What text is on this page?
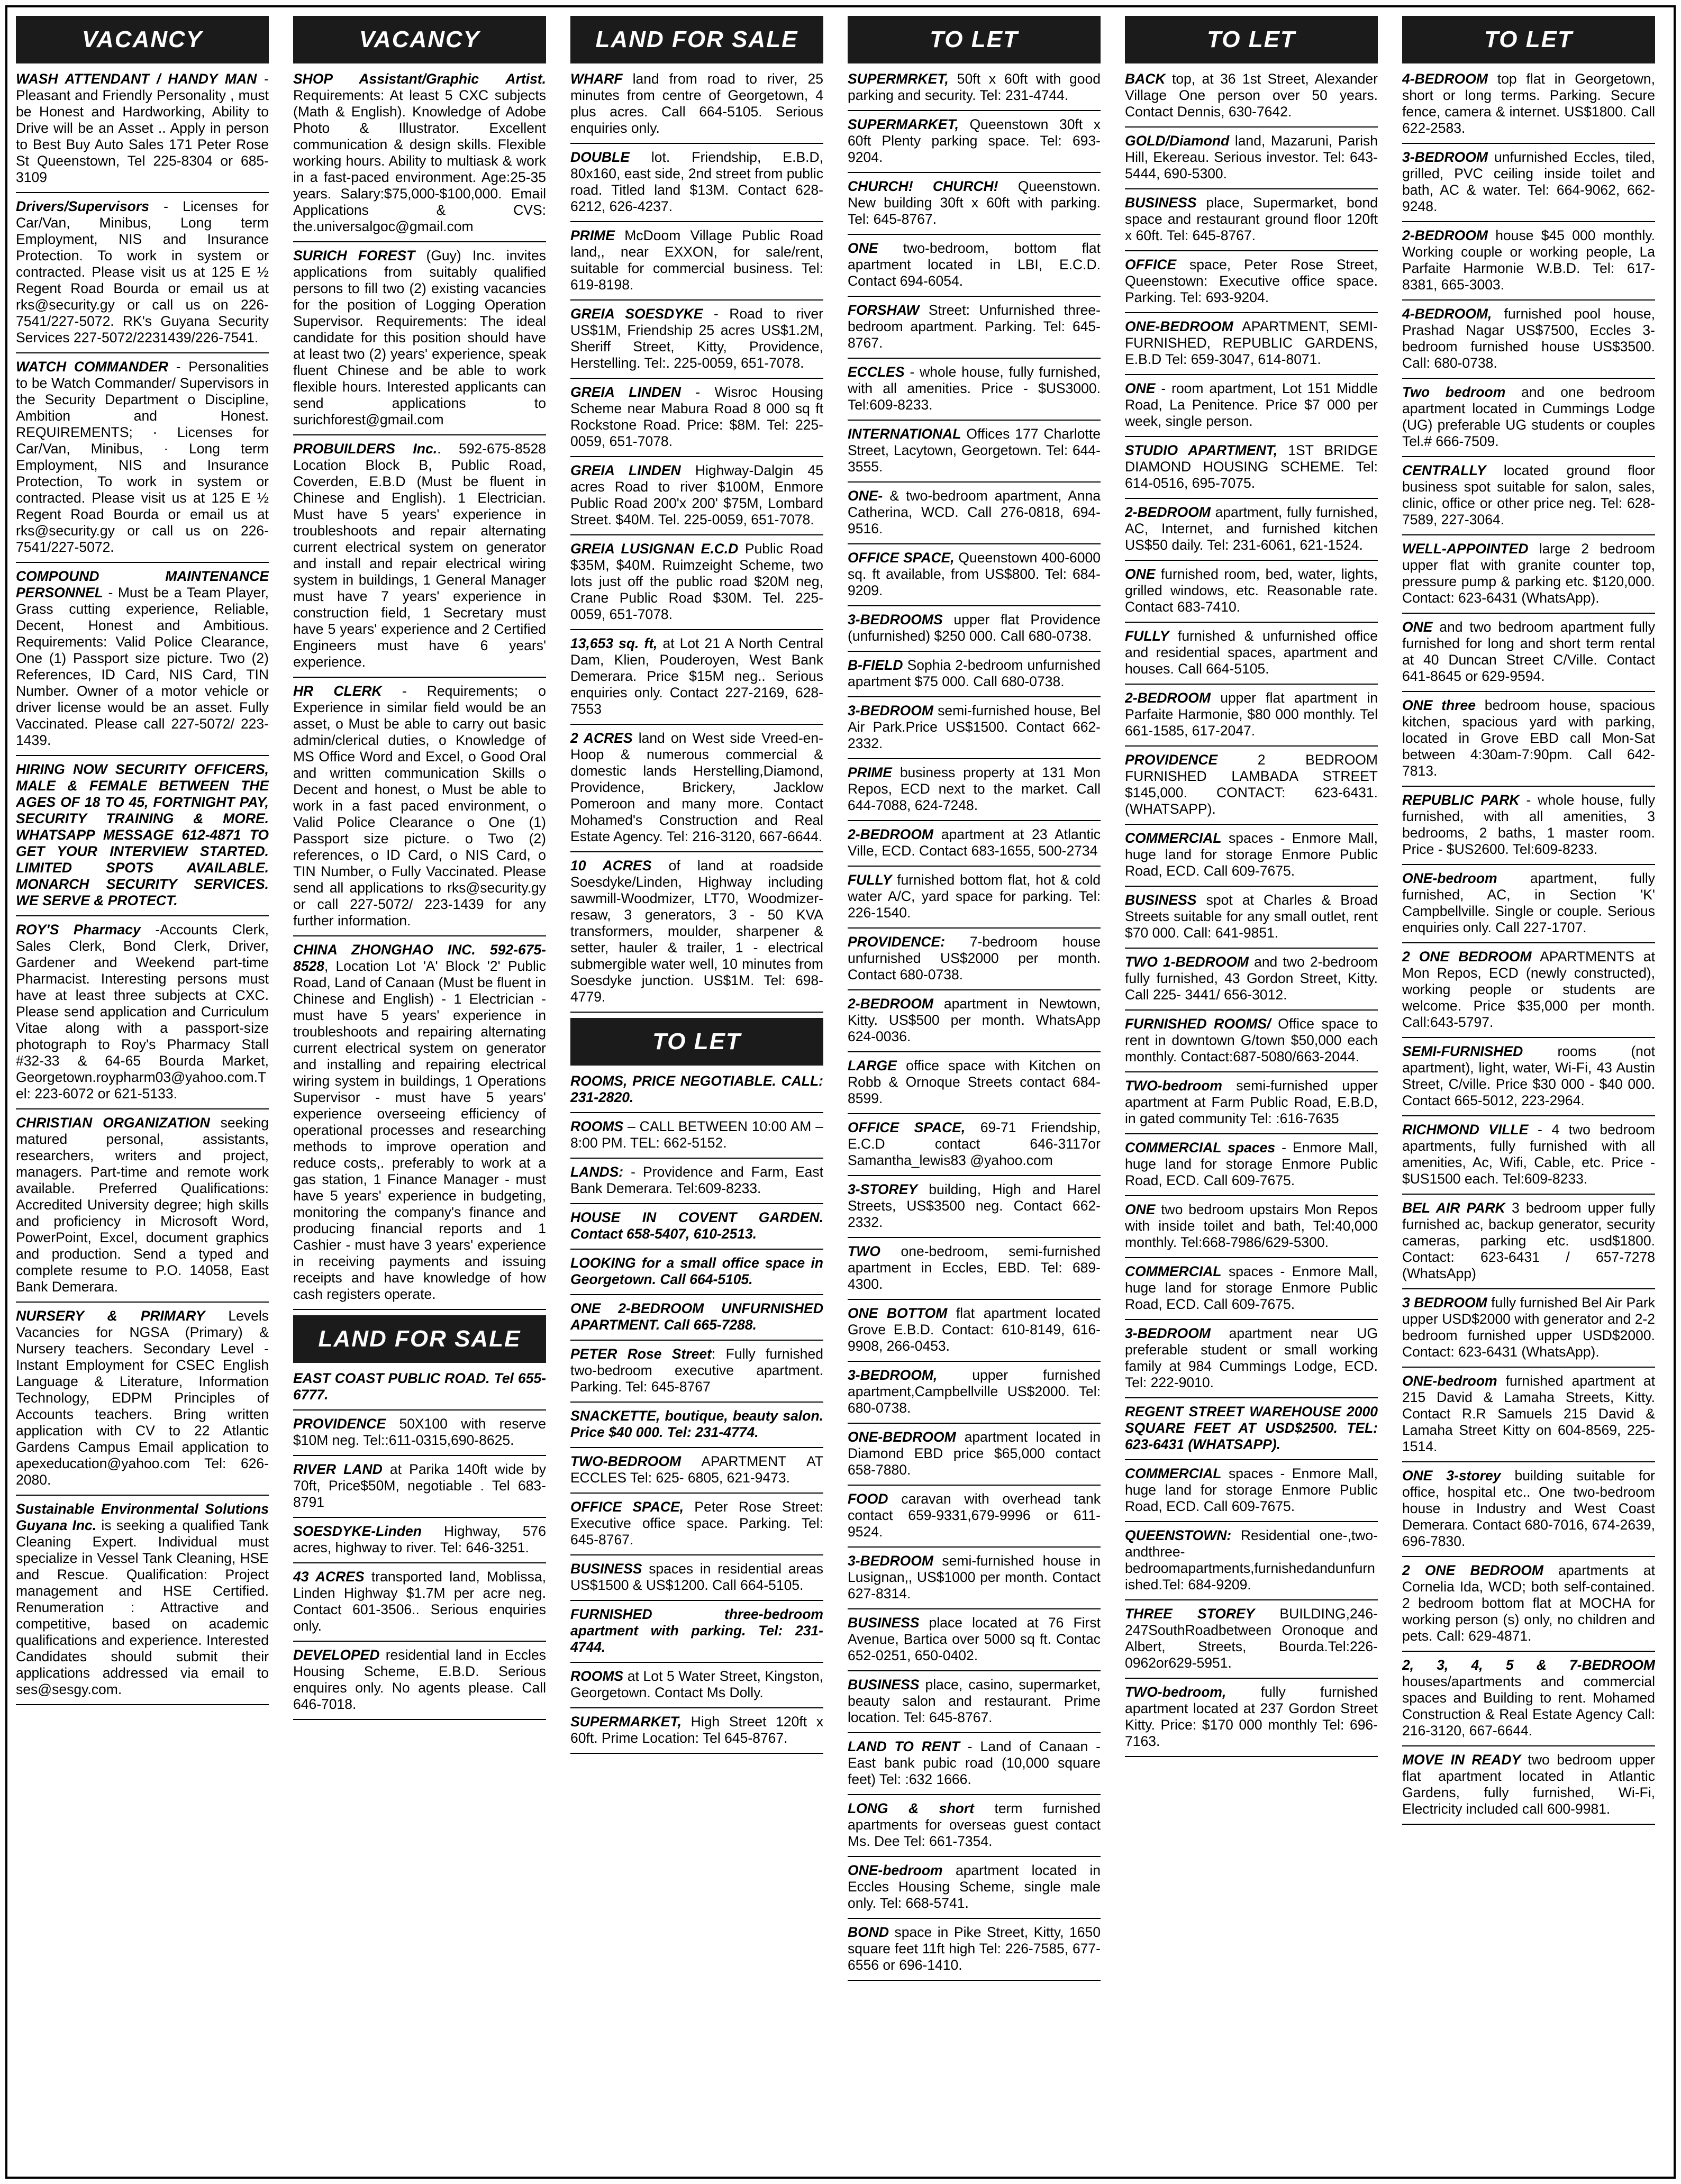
VACANCY
WASH ATTENDANT / HANDY MAN - Pleasant and Friendly Personality , must be Honest and Hardworking, Ability to Drive will be an Asset .. Apply in person to Best Buy Auto Sales 171 Peter Rose St Queenstown, Tel 225-8304 or 685-3109
Drivers/Supervisors - Licenses for Car/Van, Minibus, Long term Employment, NIS and Insurance Protection. To work in system or contracted. Please visit us at 125 E ½ Regent Road Bourda or email us at rks@security.gy or call us on 226-7541/227-5072. RK's Guyana Security Services 227-5072/2231439/226-7541.
WATCH COMMANDER - Personalities to be Watch Commander/ Supervisors in the Security Department o Discipline, Ambition and Honest. REQUIREMENTS; · Licenses for Car/Van, Minibus, · Long term Employment, NIS and Insurance Protection, To work in system or contracted. Please visit us at 125 E ½ Regent Road Bourda or email us at rks@security.gy or call us on 226-7541/227-5072.
COMPOUND MAINTENANCE PERSONNEL - Must be a Team Player, Grass cutting experience, Reliable, Decent, Honest and Ambitious. Requirements: Valid Police Clearance, One (1) Passport size picture. Two (2) References, ID Card, NIS Card, TIN Number. Owner of a motor vehicle or driver license would be an asset. Fully Vaccinated. Please call 227-5072/ 223-1439.
HIRING NOW SECURITY OFFICERS, MALE & FEMALE BETWEEN THE AGES OF 18 TO 45, FORTNIGHT PAY, SECURITY TRAINING & MORE. WHATSAPP MESSAGE 612-4871 TO GET YOUR INTERVIEW STARTED. LIMITED SPOTS AVAILABLE. MONARCH SECURITY SERVICES. WE SERVE & PROTECT.
ROY'S Pharmacy -Accounts Clerk, Sales Clerk, Bond Clerk, Driver, Gardener and Weekend part-time Pharmacist. Interesting persons must have at least three subjects at CXC. Please send application and Curriculum Vitae along with a passport-size photograph to Roy's Pharmacy Stall #32-33 & 64-65 Bourda Market, Georgetown.roypharm03@yahoo.com.Tel: 223-6072 or 621-5133.
CHRISTIAN ORGANIZATION seeking matured personal, assistants, researchers, writers and project, managers. Part-time and remote work available. Preferred Qualifications: Accredited University degree; high skills and proficiency in Microsoft Word, PowerPoint, Excel, document graphics and production. Send a typed and complete resume to P.O. 14058, East Bank Demerara.
NURSERY & PRIMARY Levels Vacancies for NGSA (Primary) & Nursery teachers. Secondary Level - Instant Employment for CSEC English Language & Literature, Information Technology, EDPM Principles of Accounts teachers. Bring written application with CV to 22 Atlantic Gardens Campus Email application to apexeducation@yahoo.com Tel: 626-2080.
Sustainable Environmental Solutions Guyana Inc. is seeking a qualified Tank Cleaning Expert. Individual must specialize in Vessel Tank Cleaning, HSE and Rescue. Qualification: Project management and HSE Certified. Renumeration : Attractive and competitive, based on academic qualifications and experience. Interested Candidates should submit their applications addressed via email to ses@sesgy.com.
VACANCY
SHOP Assistant/Graphic Artist. Requirements: At least 5 CXC subjects (Math & English). Knowledge of Adobe Photo & Illustrator. Excellent communication & design skills. Flexible working hours. Ability to multiask & work in a fast-paced environment. Age:25-35 years. Salary:$75,000-$100,000. Email Applications & CVS: the.universalgoc@gmail.com
SURICH FOREST (Guy) Inc. invites applications from suitably qualified persons to fill two (2) existing vacancies for the position of Logging Operation Supervisor. Requirements: The ideal candidate for this position should have at least two (2) years' experience, speak fluent Chinese and be able to work flexible hours. Interested applicants can send applications to surichforest@gmail.com
PROBUILDERS Inc.. 592-675-8528 Location Block B, Public Road, Coverden, E.B.D (Must be fluent in Chinese and English). 1 Electrician. Must have 5 years' experience in troubleshoots and repair alternating current electrical system on generator and install and repair electrical wiring system in buildings, 1 General Manager must have 7 years' experience in construction field, 1 Secretary must have 5 years' experience and 2 Certified Engineers must have 6 years' experience.
HR CLERK - Requirements; o Experience in similar field would be an asset, o Must be able to carry out basic admin/clerical duties, o Knowledge of MS Office Word and Excel, o Good Oral and written communication Skills o Decent and honest, o Must be able to work in a fast paced environment, o Valid Police Clearance o One (1) Passport size picture. o Two (2) references, o ID Card, o NIS Card, o TIN Number, o Fully Vaccinated. Please send all applications to rks@security.gy or call 227-5072/ 223-1439 for any further information.
CHINA ZHONGHAO INC. 592-675-8528, Location Lot 'A' Block '2' Public Road, Land of Canaan (Must be fluent in Chinese and English) - 1 Electrician - must have 5 years' experience in troubleshoots and repairing alternating current electrical system on generator and installing and repairing electrical wiring system in buildings, 1 Operations Supervisor - must have 5 years' experience overseeing efficiency of operational processes and researching methods to improve operation and reduce costs,. preferably to work at a gas station, 1 Finance Manager - must have 5 years' experience in budgeting, monitoring the company's finance and producing financial reports and 1 Cashier - must have 3 years' experience in receiving payments and issuing receipts and have knowledge of how cash registers operate.
LAND FOR SALE
EAST COAST PUBLIC ROAD. Tel 655-6777.
PROVIDENCE 50X100 with reserve $10M neg. Tel::611-0315,690-8625.
RIVER LAND at Parika 140ft wide by 70ft, Price$50M, negotiable . Tel 683-8791
SOESDYKE-Linden Highway, 576 acres, highway to river. Tel: 646-3251.
43 ACRES transported land, Moblissa, Linden Highway $1.7M per acre neg. Contact 601-3506.. Serious enquiries only.
DEVELOPED residential land in Eccles Housing Scheme, E.B.D. Serious enquires only. No agents please. Call 646-7018.
LAND FOR SALE
WHARF land from road to river, 25 minutes from centre of Georgetown, 4 plus acres. Call 664-5105. Serious enquiries only.
DOUBLE lot. Friendship, E.B.D, 80x160, east side, 2nd street from public road. Titled land $13M. Contact 628-6212, 626-4237.
PRIME McDoom Village Public Road land,, near EXXON, for sale/rent, suitable for commercial business. Tel: 619-8198.
GREIA SOESDYKE - Road to river US$1M, Friendship 25 acres US$1.2M, Sheriff Street, Kitty, Providence, Herstelling. Tel:. 225-0059, 651-7078.
GREIA LINDEN - Wisroc Housing Scheme near Mabura Road 8 000 sq ft Rockstone Road. Price: $8M. Tel: 225-0059, 651-7078.
GREIA LINDEN Highway-Dalgin 45 acres Road to river $100M, Enmore Public Road 200'x 200' $75M, Lombard Street. $40M. Tel. 225-0059, 651-7078.
GREIA LUSIGNAN E.C.D Public Road $35M, $40M. Ruimzeight Scheme, two lots just off the public road $20M neg, Crane Public Road $30M. Tel. 225-0059, 651-7078.
13,653 sq. ft, at Lot 21 A North Central Dam, Klien, Pouderoyen, West Bank Demerara. Price $15M neg.. Serious enquiries only. Contact 227-2169, 628-7553
2 ACRES land on West side Vreed-en-Hoop & numerous commercial & domestic lands Herstelling,Diamond, Providence, Brickery, Jacklow Pomeroon and many more. Contact Mohamed's Construction and Real Estate Agency. Tel: 216-3120, 667-6644.
10 ACRES of land at roadside Soesdyke/Linden, Highway including sawmill-Woodmizer, LT70, Woodmizer-resaw, 3 generators, 3 - 50 KVA transformers, moulder, sharpener & setter, hauler & trailer, 1 - electrical submergible water well, 10 minutes from Soesdyke junction. US$1M. Tel: 698-4779.
TO LET
ROOMS, PRICE NEGOTIABLE. CALL: 231-2820.
ROOMS – CALL BETWEEN 10:00 AM – 8:00 PM. TEL: 662-5152.
LANDS: - Providence and Farm, East Bank Demerara. Tel:609-8233.
HOUSE IN COVENT GARDEN. Contact 658-5407, 610-2513.
LOOKING for a small office space in Georgetown. Call 664-5105.
ONE 2-BEDROOM UNFURNISHED APARTMENT. Call 665-7288.
PETER Rose Street: Fully furnished two-bedroom executive apartment. Parking. Tel: 645-8767
SNACKETTE, boutique, beauty salon. Price $40 000. Tel: 231-4774.
TWO-BEDROOM APARTMENT AT ECCLES Tel: 625- 6805, 621-9473.
OFFICE SPACE, Peter Rose Street: Executive office space. Parking. Tel: 645-8767.
BUSINESS spaces in residential areas US$1500 & US$1200. Call 664-5105.
FURNISHED three-bedroom apartment with parking. Tel: 231-4744.
ROOMS at Lot 5 Water Street, Kingston, Georgetown. Contact Ms Dolly.
SUPERMARKET, High Street 120ft x 60ft. Prime Location: Tel 645-8767.
TO LET
SUPERMRKET, 50ft x 60ft with good parking and security. Tel: 231-4744.
SUPERMARKET, Queenstown 30ft x 60ft Plenty parking space. Tel: 693-9204.
CHURCH! CHURCH! Queenstown. New building 30ft x 60ft with parking. Tel: 645-8767.
ONE two-bedroom, bottom flat apartment located in LBI, E.C.D. Contact 694-6054.
FORSHAW Street: Unfurnished three-bedroom apartment. Parking. Tel: 645-8767.
ECCLES - whole house, fully furnished, with all amenities. Price - $US3000. Tel:609-8233.
INTERNATIONAL Offices 177 Charlotte Street, Lacytown, Georgetown. Tel: 644-3555.
ONE- & two-bedroom apartment, Anna Catherina, WCD. Call 276-0818, 694-9516.
OFFICE SPACE, Queenstown 400-6000 sq. ft available, from US$800. Tel: 684-9209.
3-BEDROOMS upper flat Providence (unfurnished) $250 000. Call 680-0738.
B-FIELD Sophia 2-bedroom unfurnished apartment $75 000. Call 680-0738.
3-BEDROOM semi-furnished house, Bel Air Park.Price US$1500. Contact 662-2332.
PRIME business property at 131 Mon Repos, ECD next to the market. Call 644-7088, 624-7248.
2-BEDROOM apartment at 23 Atlantic Ville, ECD. Contact 683-1655, 500-2734
FULLY furnished bottom flat, hot & cold water A/C, yard space for parking. Tel: 226-1540.
PROVIDENCE: 7-bedroom house unfurnished US$2000 per month. Contact 680-0738.
2-BEDROOM apartment in Newtown, Kitty. US$500 per month. WhatsApp 624-0036.
LARGE office space with Kitchen on Robb & Ornoque Streets contact 684-8599.
OFFICE SPACE, 69-71 Friendship, E.C.D contact 646-3117or Samantha_lewis83 @yahoo.com
3-STOREY building, High and Harel Streets, US$3500 neg. Contact 662-2332.
TWO one-bedroom, semi-furnished apartment in Eccles, EBD. Tel: 689-4300.
ONE BOTTOM flat apartment located Grove E.B.D. Contact: 610-8149, 616-9908, 266-0453.
3-BEDROOM, upper furnished apartment,Campbellville US$2000. Tel: 680-0738.
ONE-BEDROOM apartment located in Diamond EBD price $65,000 contact 658-7880.
FOOD caravan with overhead tank contact 659-9331,679-9996 or 611-9524.
3-BEDROOM semi-furnished house in Lusignan,, US$1000 per month. Contact 627-8314.
BUSINESS place located at 76 First Avenue, Bartica over 5000 sq ft. Contac 652-0251, 650-0402.
BUSINESS place, casino, supermarket, beauty salon and restaurant. Prime location. Tel: 645-8767.
LAND TO RENT - Land of Canaan - East bank pubic road (10,000 square feet) Tel: :632 1666.
LONG & short term furnished apartments for overseas guest contact Ms. Dee Tel: 661-7354.
ONE-bedroom apartment located in Eccles Housing Scheme, single male only. Tel: 668-5741.
BOND space in Pike Street, Kitty, 1650 square feet 11ft high Tel: 226-7585, 677-6556 or 696-1410.
TO LET
BACK top, at 36 1st Street, Alexander Village One person over 50 years. Contact Dennis, 630-7642.
GOLD/Diamond land, Mazaruni, Parish Hill, Ekereau. Serious investor. Tel: 643-5444, 690-5300.
BUSINESS place, Supermarket, bond space and restaurant ground floor 120ft x 60ft. Tel: 645-8767.
OFFICE space, Peter Rose Street, Queenstown: Executive office space. Parking. Tel: 693-9204.
ONE-BEDROOM APARTMENT, SEMI-FURNISHED, REPUBLIC GARDENS, E.B.D Tel: 659-3047, 614-8071.
ONE - room apartment, Lot 151 Middle Road, La Penitence. Price $7 000 per week, single person.
STUDIO APARTMENT, 1ST BRIDGE DIAMOND HOUSING SCHEME. Tel: 614-0516, 695-7075.
2-BEDROOM apartment, fully furnished, AC, Internet, and furnished kitchen US$50 daily. Tel: 231-6061, 621-1524.
ONE furnished room, bed, water, lights, grilled windows, etc. Reasonable rate. Contact 683-7410.
FULLY furnished & unfurnished office and residential spaces, apartment and houses. Call 664-5105.
2-BEDROOM upper flat apartment in Parfaite Harmonie, $80 000 monthly. Tel 661-1585, 617-2047.
PROVIDENCE 2 BEDROOM FURNISHED LAMBADA STREET $145,000. CONTACT: 623-6431. (WHATSAPP).
COMMERCIAL spaces - Enmore Mall, huge land for storage Enmore Public Road, ECD. Call 609-7675.
BUSINESS spot at Charles & Broad Streets suitable for any small outlet, rent $70 000. Call: 641-9851.
TWO 1-BEDROOM and two 2-bedroom fully furnished, 43 Gordon Street, Kitty. Call 225- 3441/ 656-3012.
FURNISHED ROOMS/ Office space to rent in downtown G/town $50,000 each monthly. Contact:687-5080/663-2044.
TWO-bedroom semi-furnished upper apartment at Farm Public Road, E.B.D, in gated community Tel: :616-7635
COMMERCIAL spaces - Enmore Mall, huge land for storage Enmore Public Road, ECD. Call 609-7675.
ONE two bedroom upstairs Mon Repos with inside toilet and bath, Tel:40,000 monthly. Tel:668-7986/629-5300.
COMMERCIAL spaces - Enmore Mall, huge land for storage Enmore Public Road, ECD. Call 609-7675.
3-BEDROOM apartment near UG preferable student or small working family at 984 Cummings Lodge, ECD. Tel: 222-9010.
REGENT STREET WAREHOUSE 2000 SQUARE FEET AT USD$2500. TEL: 623-6431 (WHATSAPP).
COMMERCIAL spaces - Enmore Mall, huge land for storage Enmore Public Road, ECD. Call 609-7675.
QUEENSTOWN: Residential one-,two-andthree-bedroomapartments,furnishedandunfurnished.Tel: 684-9209.
THREE STOREY BUILDING,246-247SouthRoadbetween Oronoque and Albert, Streets, Bourda.Tel:226-0962or629-5951.
TWO-bedroom, fully furnished apartment located at 237 Gordon Street Kitty. Price: $170 000 monthly Tel: 696-7163.
TO LET
4-BEDROOM top flat in Georgetown, short or long terms. Parking. Secure fence, camera & internet. US$1800. Call 622-2583.
3-BEDROOM unfurnished Eccles, tiled, grilled, PVC ceiling inside toilet and bath, AC & water. Tel: 664-9062, 662-9248.
2-BEDROOM house $45 000 monthly. Working couple or working people, La Parfaite Harmonie W.B.D. Tel: 617-8381, 665-3003.
4-BEDROOM, furnished pool house, Prashad Nagar US$7500, Eccles 3-bedroom furnished house US$3500. Call: 680-0738.
Two bedroom and one bedroom apartment located in Cummings Lodge (UG) preferable UG students or couples Tel.# 666-7509.
CENTRALLY located ground floor business spot suitable for salon, sales, clinic, office or other price neg. Tel: 628-7589, 227-3064.
WELL-APPOINTED large 2 bedroom upper flat with granite counter top, pressure pump & parking etc. $120,000. Contact: 623-6431 (WhatsApp).
ONE and two bedroom apartment fully furnished for long and short term rental at 40 Duncan Street C/Ville. Contact 641-8645 or 629-9594.
ONE three bedroom house, spacious kitchen, spacious yard with parking, located in Grove EBD call Mon-Sat between 4:30am-7:90pm. Call 642-7813.
REPUBLIC PARK - whole house, fully furnished, with all amenities, 3 bedrooms, 2 baths, 1 master room. Price - $US2600. Tel:609-8233.
ONE-bedroom apartment, fully furnished, AC, in Section 'K' Campbellville. Single or couple. Serious enquiries only. Call 227-1707.
2 ONE BEDROOM APARTMENTS at Mon Repos, ECD (newly constructed), working people or students are welcome. Price $35,000 per month. Call:643-5797.
SEMI-FURNISHED rooms (not apartment), light, water, Wi-Fi, 43 Austin Street, C/ville. Price $30 000 - $40 000. Contact 665-5012, 223-2964.
RICHMOND VILLE - 4 two bedroom apartments, fully furnished with all amenities, Ac, Wifi, Cable, etc. Price - $US1500 each. Tel:609-8233.
BEL AIR PARK 3 bedroom upper fully furnished ac, backup generator, security cameras, parking etc. usd$1800. Contact: 623-6431 / 657-7278 (WhatsApp)
3 BEDROOM fully furnished Bel Air Park upper USD$2000 with generator and 2-2 bedroom furnished upper USD$2000. Contact: 623-6431 (WhatsApp).
ONE-bedroom furnished apartment at 215 David & Lamaha Streets, Kitty. Contact R.R Samuels 215 David & Lamaha Street Kitty on 604-8569, 225-1514.
ONE 3-storey building suitable for office, hospital etc.. One two-bedroom house in Industry and West Coast Demerara. Contact 680-7016, 674-2639, 696-7830.
2 ONE BEDROOM apartments at Cornelia Ida, WCD; both self-contained. 2 bedroom bottom flat at MOCHA for working person (s) only, no children and pets. Call: 629-4871.
2, 3, 4, 5 & 7-BEDROOM houses/apartments and commercial spaces and Building to rent. Mohamed Construction & Real Estate Agency Call: 216-3120, 667-6644.
MOVE IN READY two bedroom upper flat apartment located in Atlantic Gardens, fully furnished, Wi-Fi, Electricity included call 600-9981.
